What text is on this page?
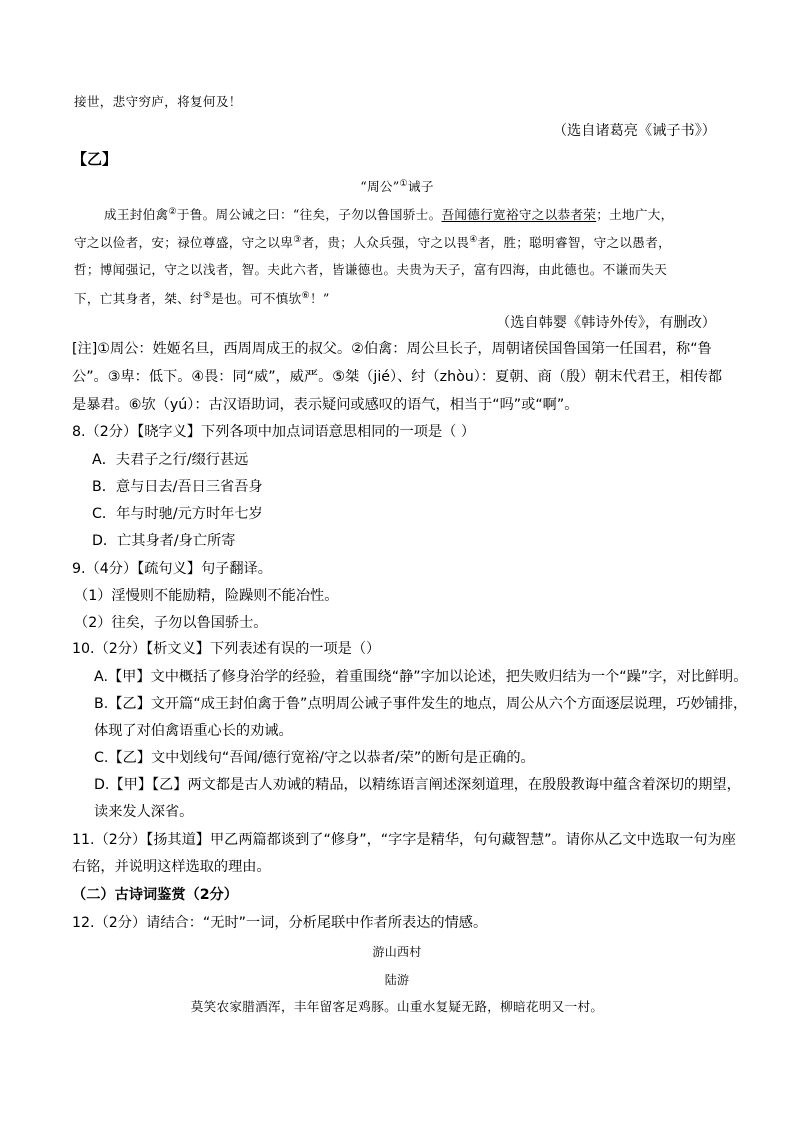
接世，悲守穷庐，将复何及！
（选自诸葛亮《诫子书》）
【乙】
“周公”①诫子
成王封伯禽②于鲁。周公诫之曰：“往矣，子勿以鲁国骄士。吾闻德行宽裕守之以恭者荣；土地广大，
守之以俭者，安；禄位尊盛，守之以卑③者，贵；人众兵强，守之以畏④者，胜；聪明睿智，守之以愚者，
哲；博闻强记，守之以浅者，智。夫此六者，皆谦德也。夫贵为天子，富有四海，由此德也。不谦而失天
下，亡其身者，桀、纣⑤是也。可不慎欤⑥！”
（选自韩婴《韩诗外传》，有删改）
[注]①周公：姓姬名旦，西周周成王的叔父。②伯禽：周公旦长子，周朝诸侯国鲁国第一任国君，称“鲁
公”。③卑：低下。④畏：同“威”，威严。⑤桀（jié）、纣（zhòu）：夏朝、商（殷）朝末代君王，相传都
是暴君。⑥欤（yú）：古汉语助词，表示疑问或感叹的语气，相当于“吗”或“啊”。
8.（2分）【晓字义】下列各项中加点词语意思相同的一项是（ ）
A．夫君子之行/缀行甚远
B．意与日去/吾日三省吾身
C．年与时驰/元方时年七岁
D．亡其身者/身亡所寄
9.（4分）【疏句义】句子翻译。
（1）淫慢则不能励精，险躁则不能冶性。
（2）往矣，子勿以鲁国骄士。
10.（2分）【析文义】下列表述有误的一项是（）
A.【甲】文中概括了修身治学的经验，着重围绕“静”字加以论述，把失败归结为一个“躁”字，对比鲜明。
B.【乙】文开篇“成王封伯禽于鲁”点明周公诫子事件发生的地点，周公从六个方面逐层说理，巧妙铺排，
体现了对伯禽语重心长的劝诫。
C.【乙】文中划线句“吾闻/德行宽裕/守之以恭者/荣”的断句是正确的。
D.【甲】【乙】两文都是古人劝诫的精品，以精练语言阐述深刻道理，在殷殷教诲中蕴含着深切的期望，
读来发人深省。
11.（2分）【扬其道】甲乙两篇都谈到了“修身”，“字字是精华，句句藏智慧”。请你从乙文中选取一句为座
右铭，并说明这样选取的理由。
（二）古诗词鉴赏（2分）
12.（2分）请结合：“无时”一词，分析尾联中作者所表达的情感。
游山西村
陆游
莫笑农家腊酒浑，丰年留客足鸡豚。山重水复疑无路，柳暗花明又一村。
